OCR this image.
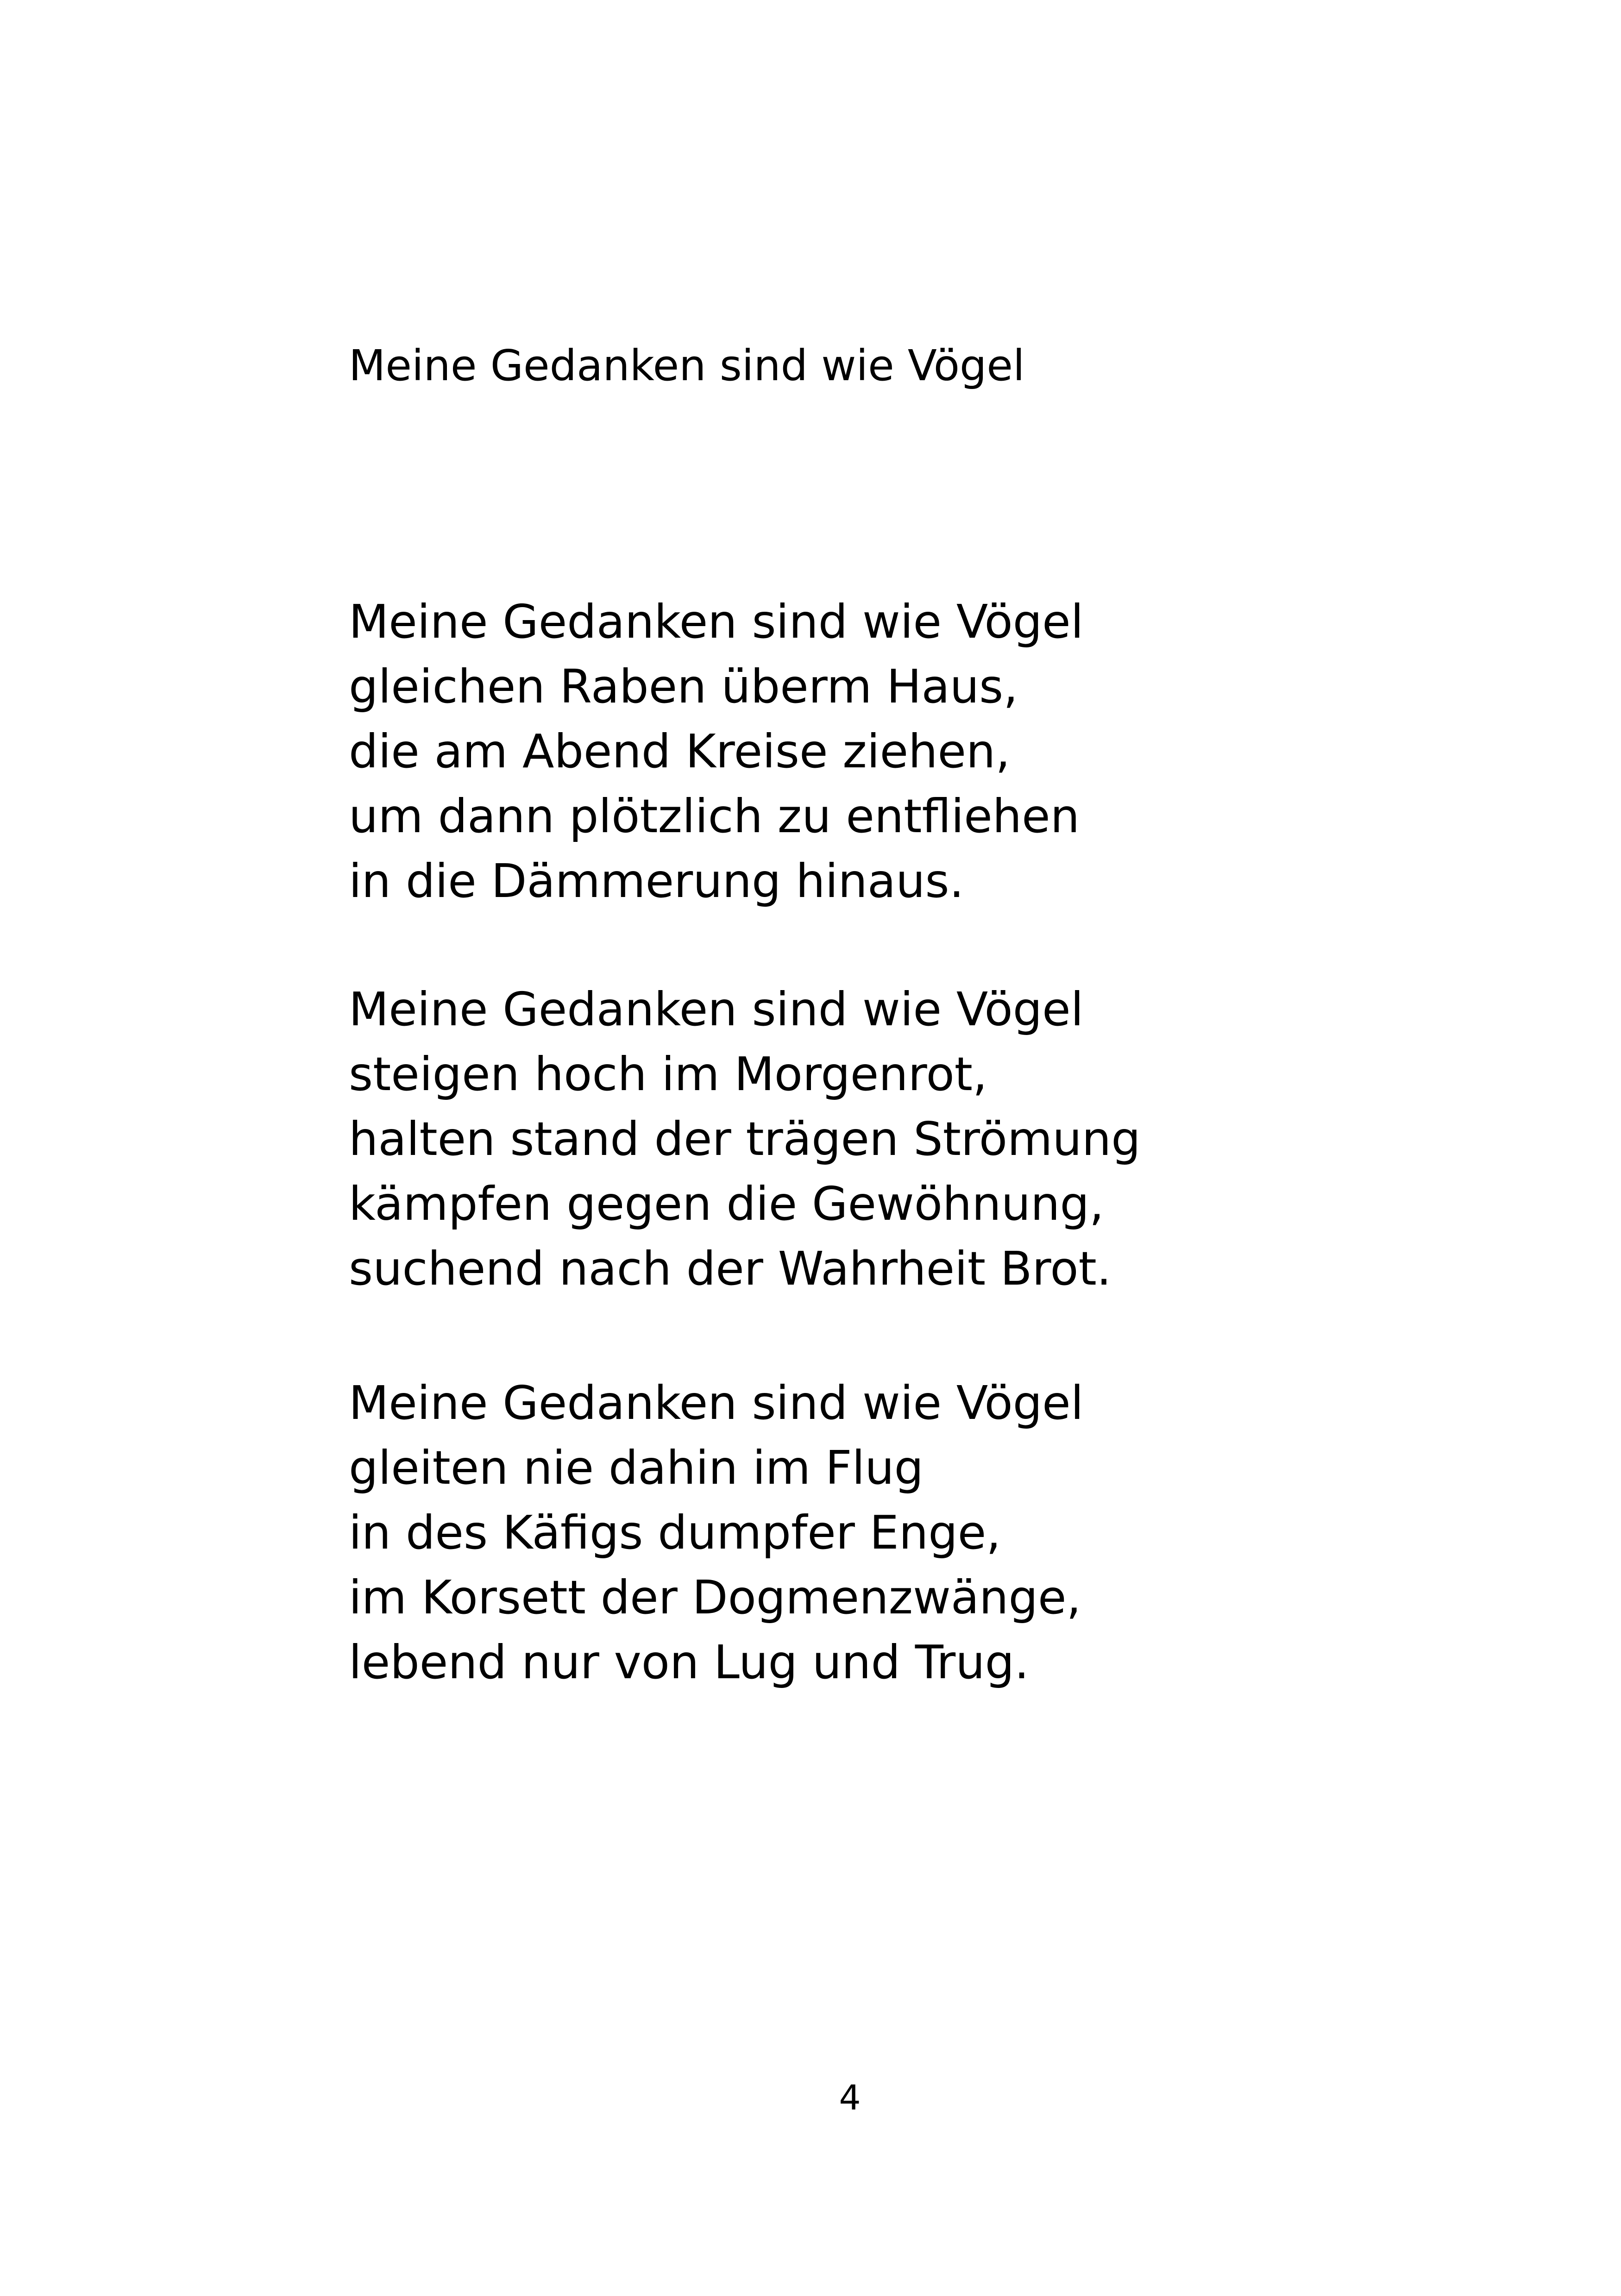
Meine Gedanken sind wie Vögel
Meine Gedanken sind wie Vögel
gleichen Raben überm Haus,
die am Abend Kreise ziehen,
um dann plötzlich zu entfliehen
in die Dämmerung hinaus.
Meine Gedanken sind wie Vögel
steigen hoch im Morgenrot,
halten stand der trägen Strömung
kämpfen gegen die Gewöhnung,
suchend nach der Wahrheit Brot.
Meine Gedanken sind wie Vögel
gleiten nie dahin im Flug
in des Käfigs dumpfer Enge,
im Korsett der Dogmenzwänge,
lebend nur von Lug und Trug.
4
